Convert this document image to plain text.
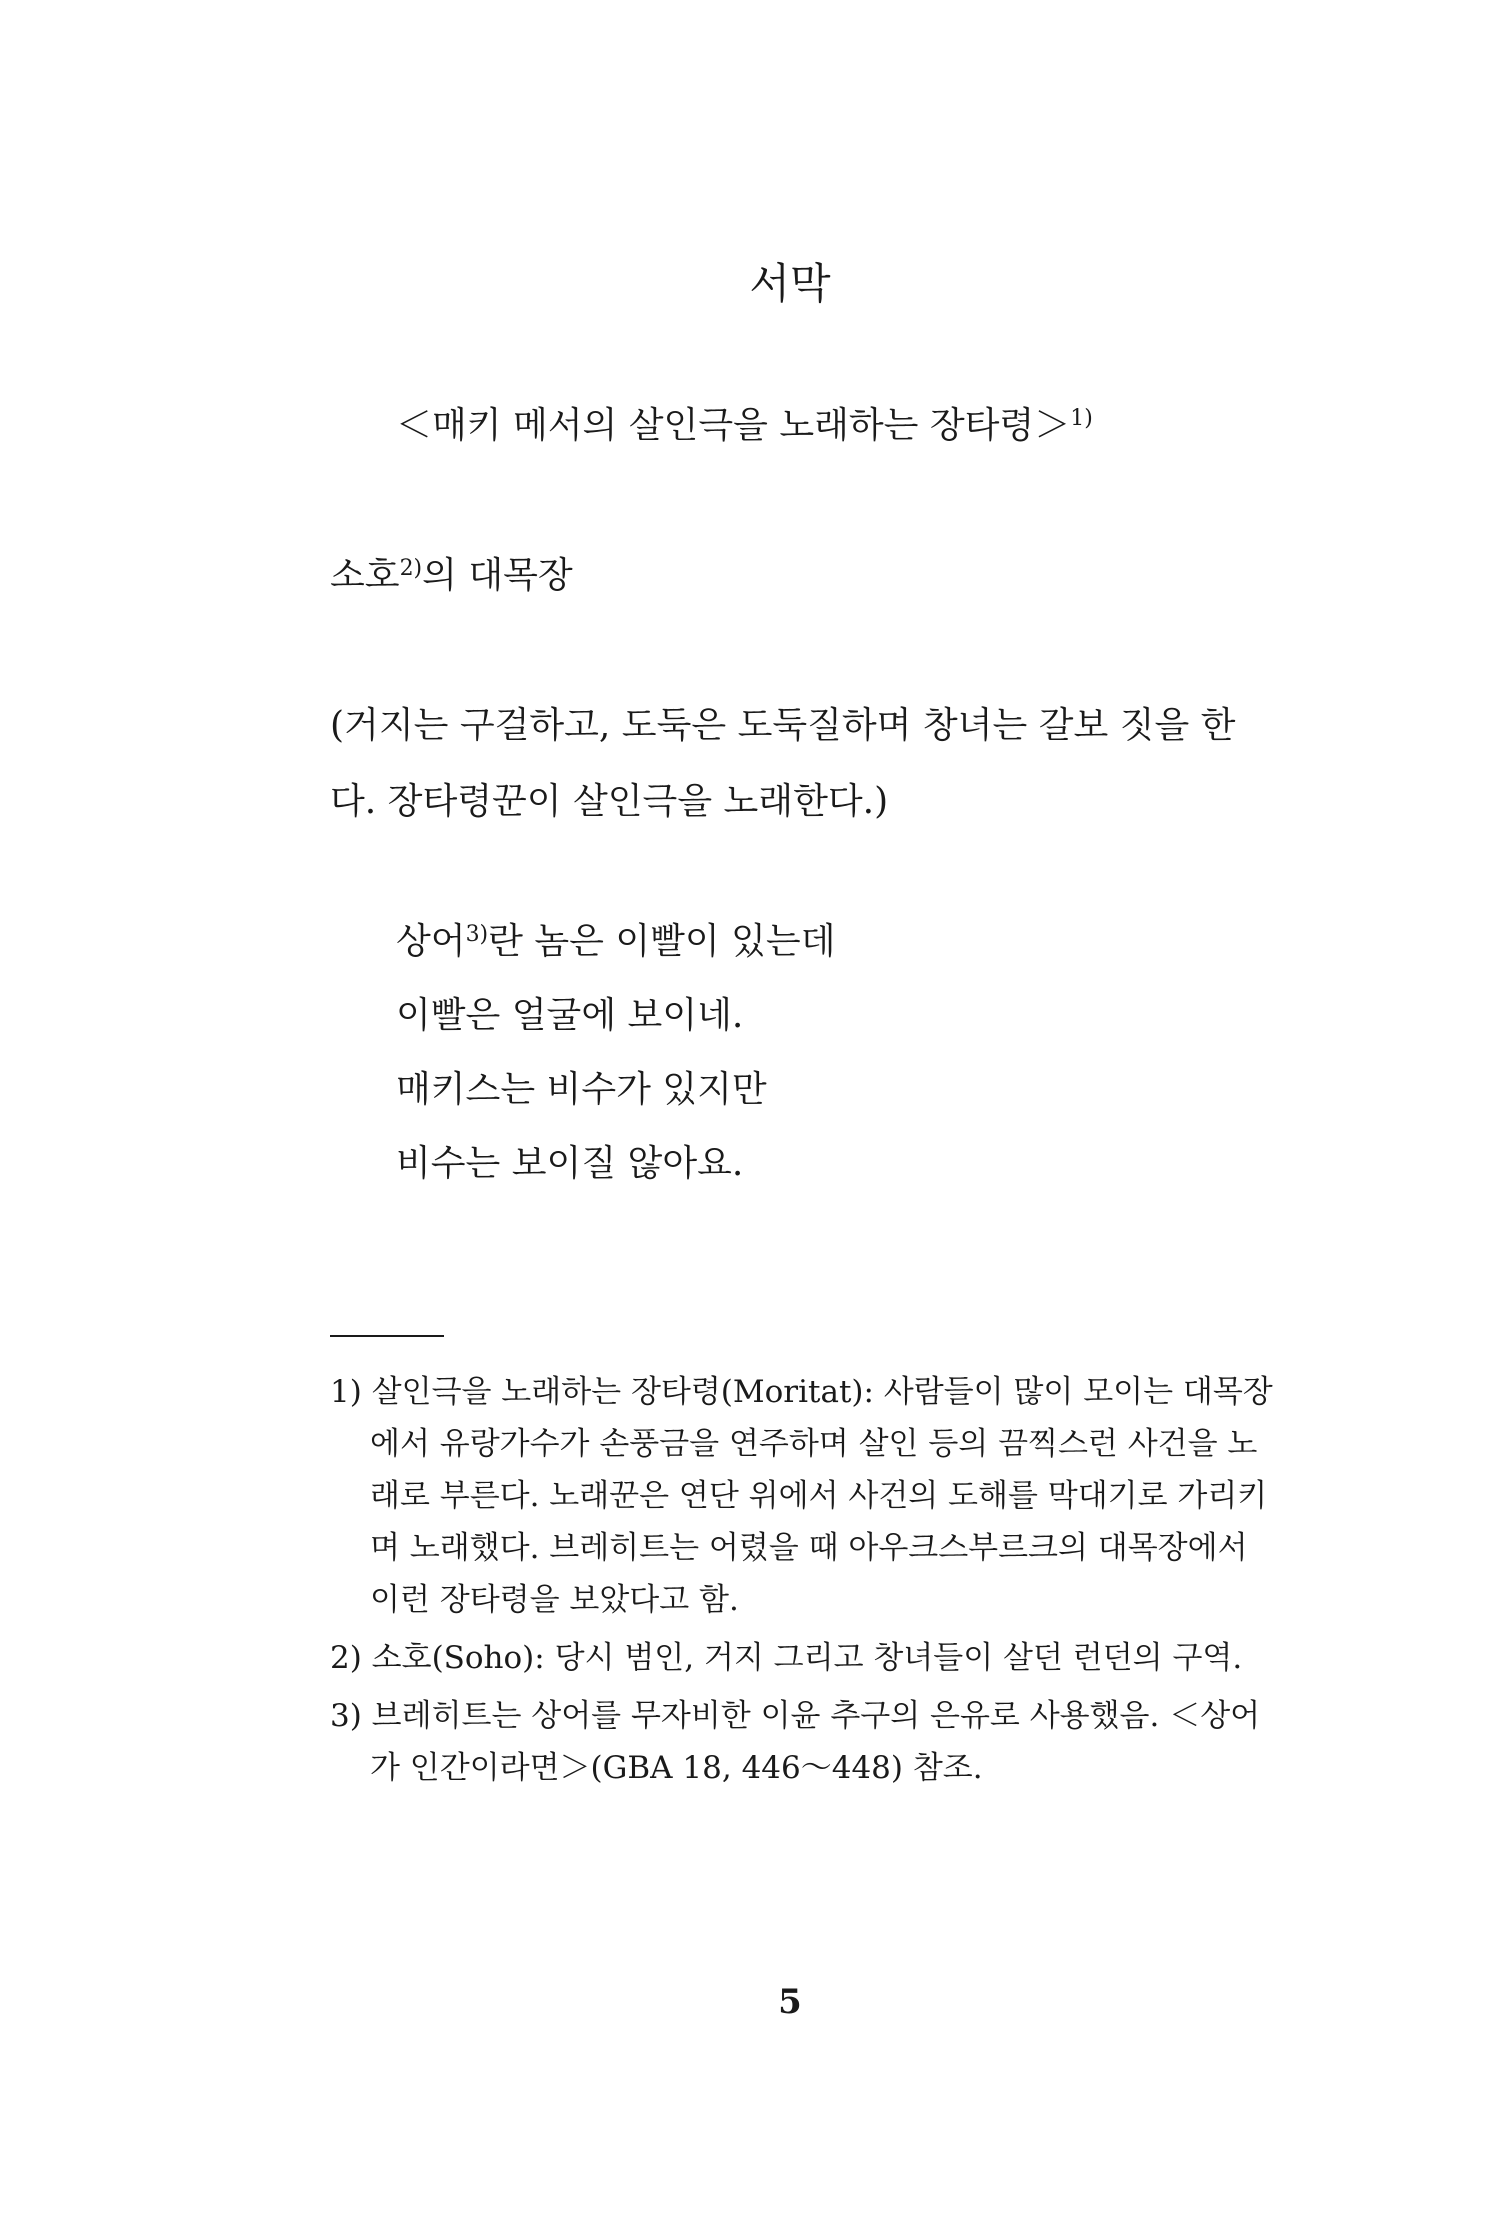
서막
＜매키 메서의 살인극을 노래하는 장타령＞$^{1)}$
소호$^{2)}$의 대목장
(거지는 구걸하고, 도둑은 도둑질하며 창녀는 갈보 짓을 한
다. 장타령꾼이 살인극을 노래한다.)
상어$^{3)}$란 놈은 이빨이 있는데
이빨은 얼굴에 보이네.
매키스는 비수가 있지만
비수는 보이질 않아요.
1) 살인극을 노래하는 장타령(Moritat): 사람들이 많이 모이는 대목장
에서 유랑가수가 손풍금을 연주하며 살인 등의 끔찍스런 사건을 노
래로 부른다. 노래꾼은 연단 위에서 사건의 도해를 막대기로 가리키
며 노래했다. 브레히트는 어렸을 때 아우크스부르크의 대목장에서
이런 장타령을 보았다고 함.
2) 소호(Soho): 당시 범인, 거지 그리고 창녀들이 살던 런던의 구역.
3) 브레히트는 상어를 무자비한 이윤 추구의 은유로 사용했음. ＜상어
가 인간이라면＞(GBA 18, 446～448) 참조.
5
